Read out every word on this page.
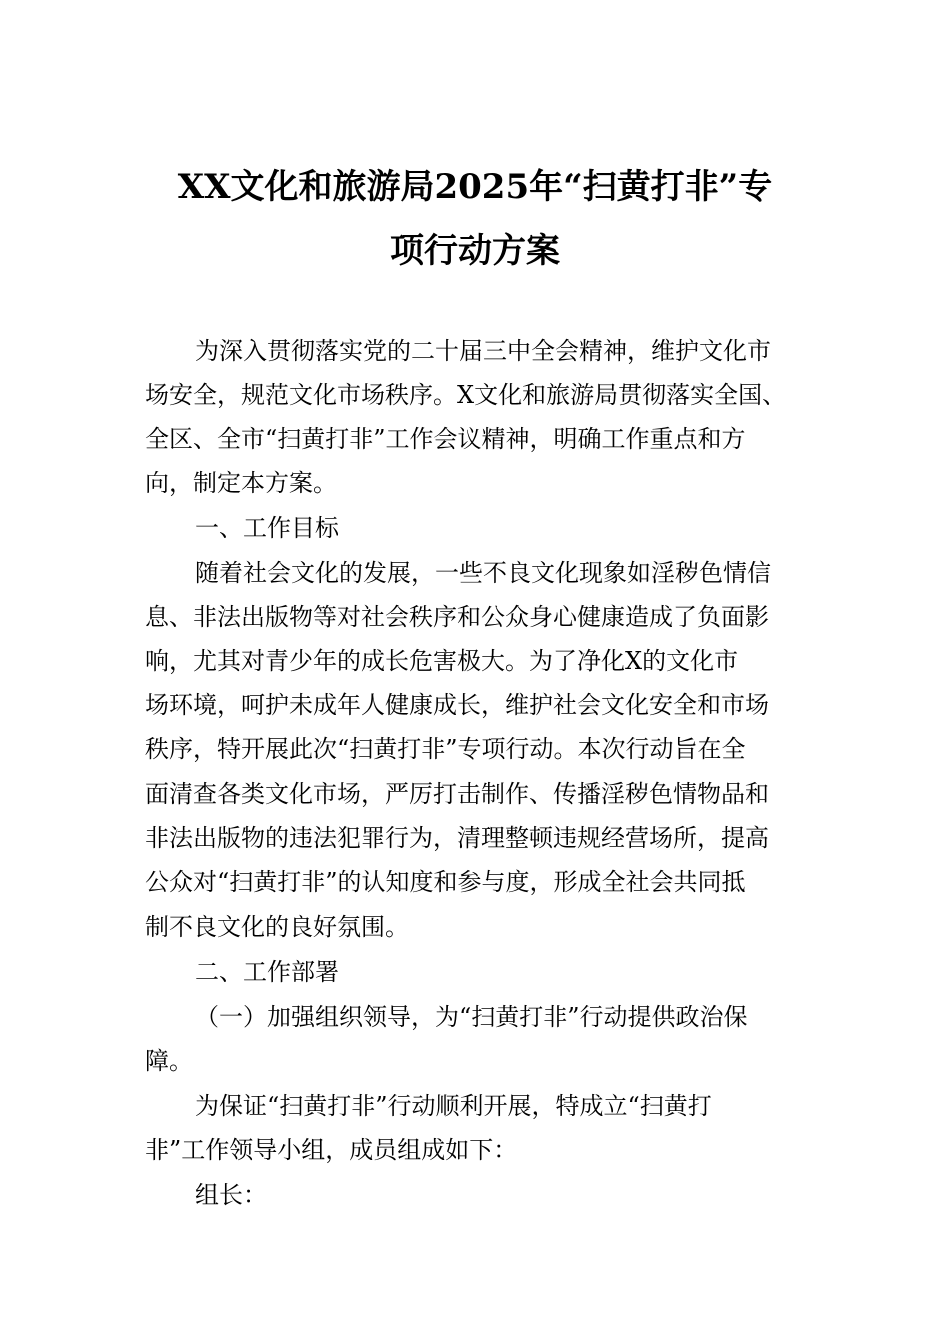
XX文化和旅游局2025年“扫黄打非”专
项行动方案
为深入贯彻落实党的二十届三中全会精神，维护文化市
场安全，规范文化市场秩序。X文化和旅游局贯彻落实全国、
全区、全市“扫黄打非”工作会议精神，明确工作重点和方
向，制定本方案。
一、工作目标
随着社会文化的发展，一些不良文化现象如淫秽色情信
息、非法出版物等对社会秩序和公众身心健康造成了负面影
响，尤其对青少年的成长危害极大。为了净化X的文化市
场环境，呵护未成年人健康成长，维护社会文化安全和市场
秩序，特开展此次“扫黄打非”专项行动。本次行动旨在全
面清查各类文化市场，严厉打击制作、传播淫秽色情物品和
非法出版物的违法犯罪行为，清理整顿违规经营场所，提高
公众对“扫黄打非”的认知度和参与度，形成全社会共同抵
制不良文化的良好氛围。
二、工作部署
（一）加强组织领导，为“扫黄打非”行动提供政治保
障。
为保证“扫黄打非”行动顺利开展，特成立“扫黄打
非”工作领导小组，成员组成如下：
组长：
